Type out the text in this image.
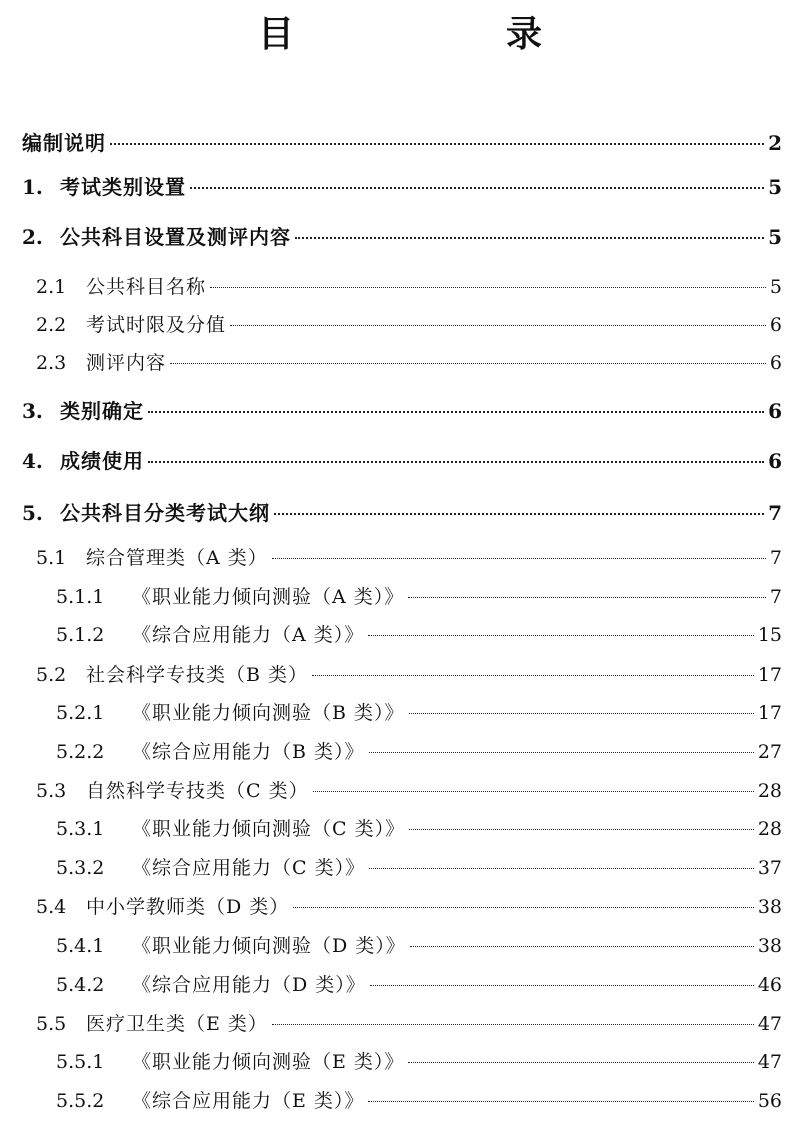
目　录
编制说明	2
1. 考试类别设置	5
2. 公共科目设置及测评内容	5
2.1	公共科目名称	5
2.2	考试时限及分值	6
2.3	测评内容	6
3. 类别确定	6
4. 成绩使用	6
5. 公共科目分类考试大纲	7
5.1	综合管理类（A 类）	7
5.1.1	《职业能力倾向测验（A 类）》	7
5.1.2	《综合应用能力（A 类）》	15
5.2	社会科学专技类（B 类）	17
5.2.1	《职业能力倾向测验（B 类）》	17
5.2.2	《综合应用能力（B 类）》	27
5.3	自然科学专技类（C 类）	28
5.3.1	《职业能力倾向测验（C 类）》	28
5.3.2	《综合应用能力（C 类）》	37
5.4	中小学教师类（D 类）	38
5.4.1	《职业能力倾向测验（D 类）》	38
5.4.2	《综合应用能力（D 类）》	46
5.5	医疗卫生类（E 类）	47
5.5.1	《职业能力倾向测验（E 类）》	47
5.5.2	《综合应用能力（E 类）》	56
